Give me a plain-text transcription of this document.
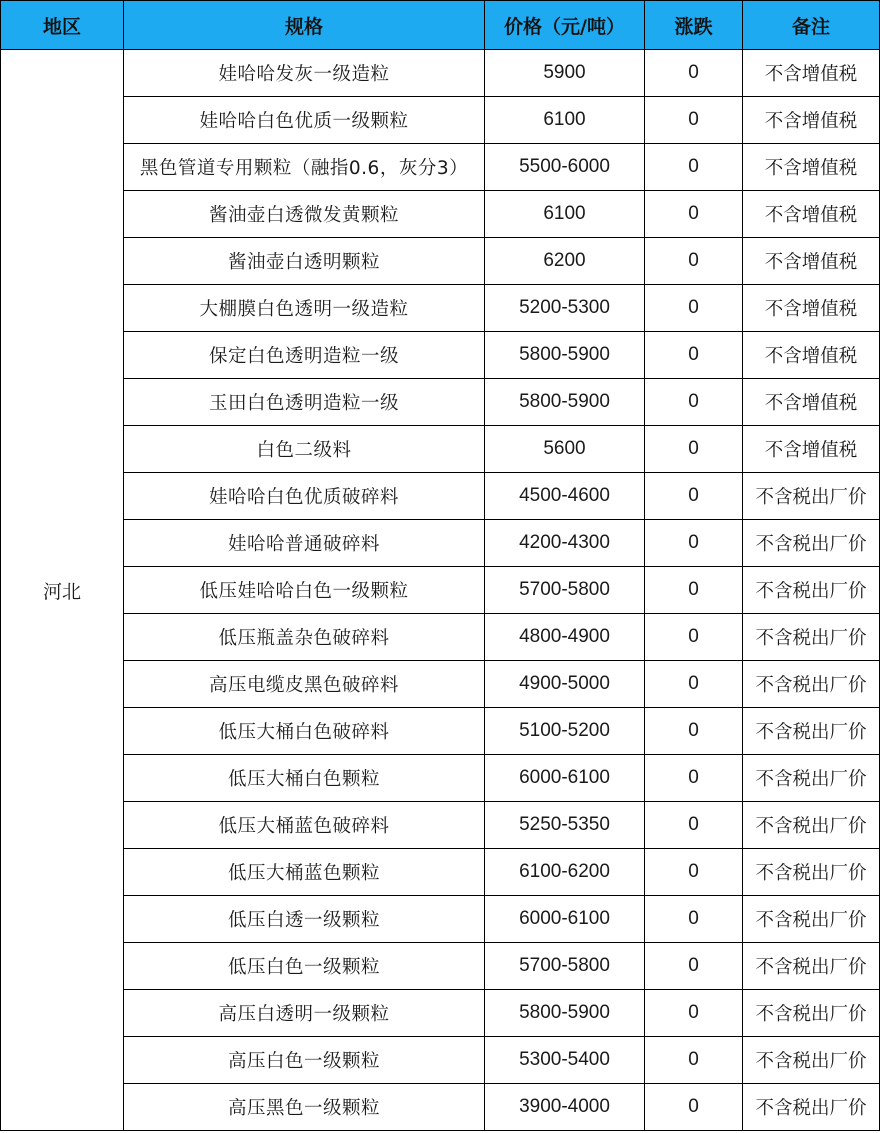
地区	规格	价格（元/吨）	涨跌	备注
河北	娃哈哈发灰一级造粒	5900	0	不含增值税
	娃哈哈白色优质一级颗粒	6100	0	不含增值税
	黑色管道专用颗粒（融指0.6，灰分3）	5500-6000	0	不含增值税
	酱油壶白透微发黄颗粒	6100	0	不含增值税
	酱油壶白透明颗粒	6200	0	不含增值税
	大棚膜白色透明一级造粒	5200-5300	0	不含增值税
	保定白色透明造粒一级	5800-5900	0	不含增值税
	玉田白色透明造粒一级	5800-5900	0	不含增值税
	白色二级料	5600	0	不含增值税
	娃哈哈白色优质破碎料	4500-4600	0	不含税出厂价
	娃哈哈普通破碎料	4200-4300	0	不含税出厂价
	低压娃哈哈白色一级颗粒	5700-5800	0	不含税出厂价
	低压瓶盖杂色破碎料	4800-4900	0	不含税出厂价
	高压电缆皮黑色破碎料	4900-5000	0	不含税出厂价
	低压大桶白色破碎料	5100-5200	0	不含税出厂价
	低压大桶白色颗粒	6000-6100	0	不含税出厂价
	低压大桶蓝色破碎料	5250-5350	0	不含税出厂价
	低压大桶蓝色颗粒	6100-6200	0	不含税出厂价
	低压白透一级颗粒	6000-6100	0	不含税出厂价
	低压白色一级颗粒	5700-5800	0	不含税出厂价
	高压白透明一级颗粒	5800-5900	0	不含税出厂价
	高压白色一级颗粒	5300-5400	0	不含税出厂价
	高压黑色一级颗粒	3900-4000	0	不含税出厂价
